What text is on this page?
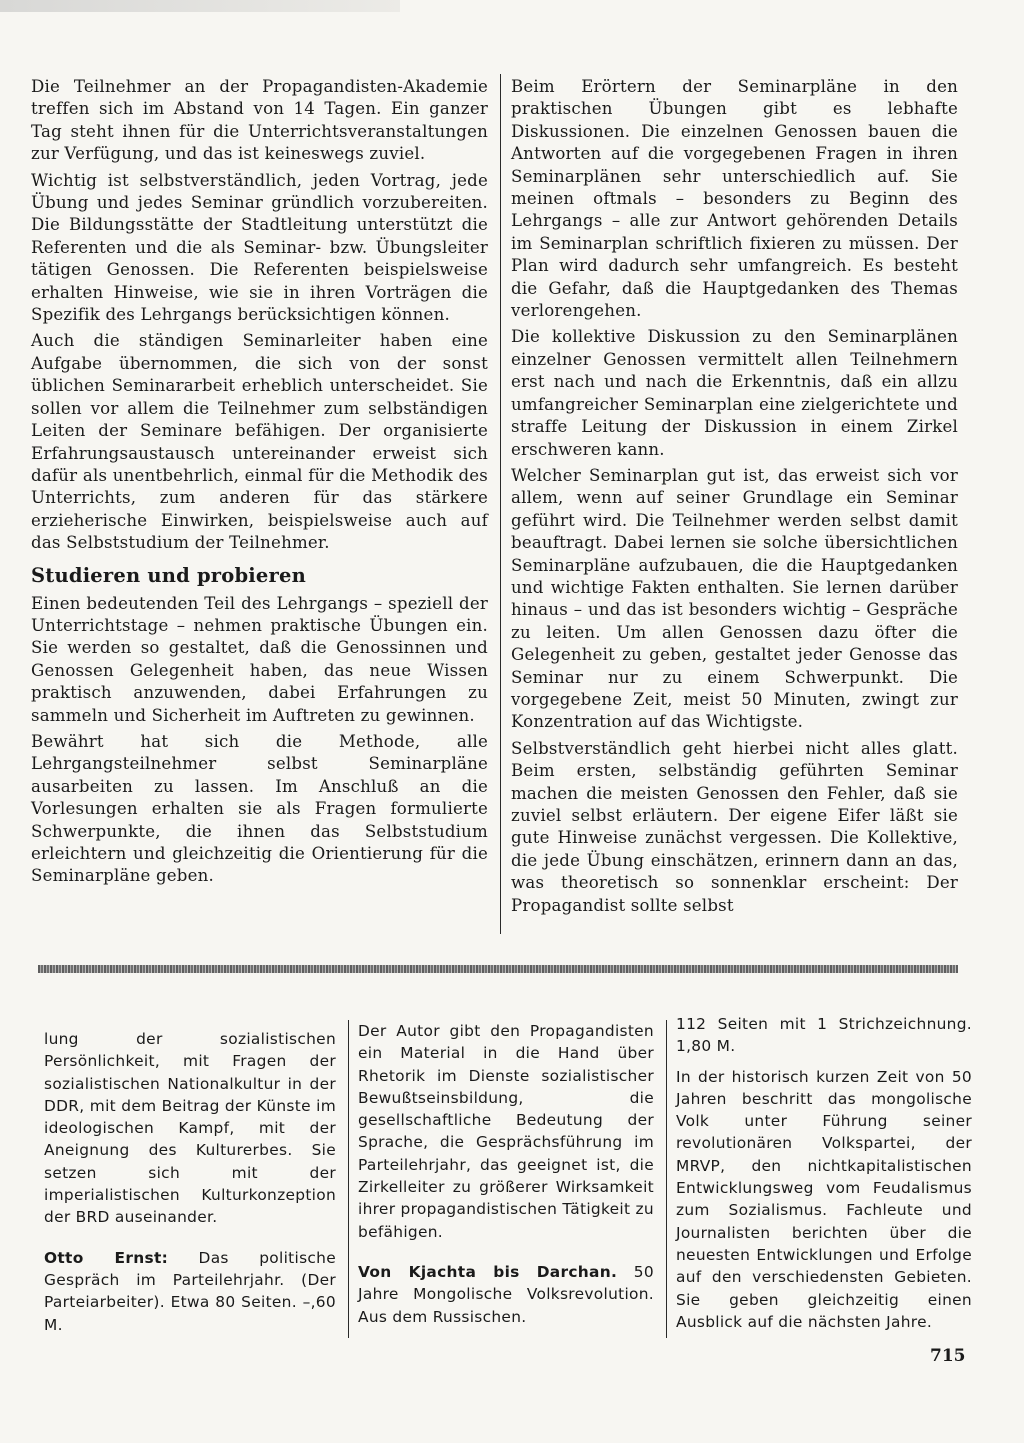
Die Teilnehmer an der Propagandisten-Akademie treffen sich im Abstand von 14 Tagen. Ein ganzer Tag steht ihnen für die Unterrichtsveranstaltungen zur Verfügung, und das ist keineswegs zuviel.

Wichtig ist selbstverständlich, jeden Vortrag, jede Übung und jedes Seminar gründlich vorzubereiten. Die Bildungsstätte der Stadtleitung unterstützt die Referenten und die als Seminar- bzw. Übungsleiter tätigen Genossen. Die Referenten beispielsweise erhalten Hinweise, wie sie in ihren Vorträgen die Spezifik des Lehrgangs berücksichtigen können.

Auch die ständigen Seminarleiter haben eine Aufgabe übernommen, die sich von der sonst üblichen Seminararbeit erheblich unterscheidet. Sie sollen vor allem die Teilnehmer zum selbständigen Leiten der Seminare befähigen. Der organisierte Erfahrungsaustausch untereinander erweist sich dafür als unentbehrlich, einmal für die Methodik des Unterrichts, zum anderen für das stärkere erzieherische Einwirken, beispielsweise auch auf das Selbststudium der Teilnehmer.

Studieren und probieren

Einen bedeutenden Teil des Lehrgangs – speziell der Unterrichtstage – nehmen praktische Übungen ein. Sie werden so gestaltet, daß die Genossinnen und Genossen Gelegenheit haben, das neue Wissen praktisch anzuwenden, dabei Erfahrungen zu sammeln und Sicherheit im Auftreten zu gewinnen.

Bewährt hat sich die Methode, alle Lehrgangsteilnehmer selbst Seminarpläne ausarbeiten zu lassen. Im Anschluß an die Vorlesungen erhalten sie als Fragen formulierte Schwerpunkte, die ihnen das Selbststudium erleichtern und gleichzeitig die Orientierung für die Seminarpläne geben.

Beim Erörtern der Seminarpläne in den praktischen Übungen gibt es lebhafte Diskussionen. Die einzelnen Genossen bauen die Antworten auf die vorgegebenen Fragen in ihren Seminarplänen sehr unterschiedlich auf. Sie meinen oftmals – besonders zu Beginn des Lehrgangs – alle zur Antwort gehörenden Details im Seminarplan schriftlich fixieren zu müssen. Der Plan wird dadurch sehr umfangreich. Es besteht die Gefahr, daß die Hauptgedanken des Themas verlorengehen.

Die kollektive Diskussion zu den Seminarplänen einzelner Genossen vermittelt allen Teilnehmern erst nach und nach die Erkenntnis, daß ein allzu umfangreicher Seminarplan eine zielgerichtete und straffe Leitung der Diskussion in einem Zirkel erschweren kann.

Welcher Seminarplan gut ist, das erweist sich vor allem, wenn auf seiner Grundlage ein Seminar geführt wird. Die Teilnehmer werden selbst damit beauftragt. Dabei lernen sie solche übersichtlichen Seminarpläne aufzubauen, die die Hauptgedanken und wichtige Fakten enthalten. Sie lernen darüber hinaus – und das ist besonders wichtig – Gespräche zu leiten. Um allen Genossen dazu öfter die Gelegenheit zu geben, gestaltet jeder Genosse das Seminar nur zu einem Schwerpunkt. Die vorgegebene Zeit, meist 50 Minuten, zwingt zur Konzentration auf das Wichtigste.

Selbstverständlich geht hierbei nicht alles glatt. Beim ersten, selbständig geführten Seminar machen die meisten Genossen den Fehler, daß sie zuviel selbst erläutern. Der eigene Eifer läßt sie gute Hinweise zunächst vergessen. Die Kollektive, die jede Übung einschätzen, erinnern dann an das, was theoretisch so sonnenklar erscheint: Der Propagandist sollte selbst

lung der sozialistischen Persönlichkeit, mit Fragen der sozialistischen Nationalkultur in der DDR, mit dem Beitrag der Künste im ideologischen Kampf, mit der Aneignung des Kulturerbes. Sie setzen sich mit der imperialistischen Kulturkonzeption der BRD auseinander.

Otto Ernst: Das politische Gespräch im Parteilehrjahr. (Der Parteiarbeiter). Etwa 80 Seiten. –,60 M.

Der Autor gibt den Propagandisten ein Material in die Hand über Rhetorik im Dienste sozialistischer Bewußtseinsbildung, die gesellschaftliche Bedeutung der Sprache, die Gesprächsführung im Parteilehrjahr, das geeignet ist, die Zirkelleiter zu größerer Wirksamkeit ihrer propagandistischen Tätigkeit zu befähigen.

Von Kjachta bis Darchan. 50 Jahre Mongolische Volksrevolution. Aus dem Russischen.

112 Seiten mit 1 Strichzeichnung. 1,80 M.

In der historisch kurzen Zeit von 50 Jahren beschritt das mongolische Volk unter Führung seiner revolutionären Volkspartei, der MRVP, den nichtkapitalistischen Entwicklungsweg vom Feudalismus zum Sozialismus. Fachleute und Journalisten berichten über die neuesten Entwicklungen und Erfolge auf den verschiedensten Gebieten. Sie geben gleichzeitig einen Ausblick auf die nächsten Jahre.

715
